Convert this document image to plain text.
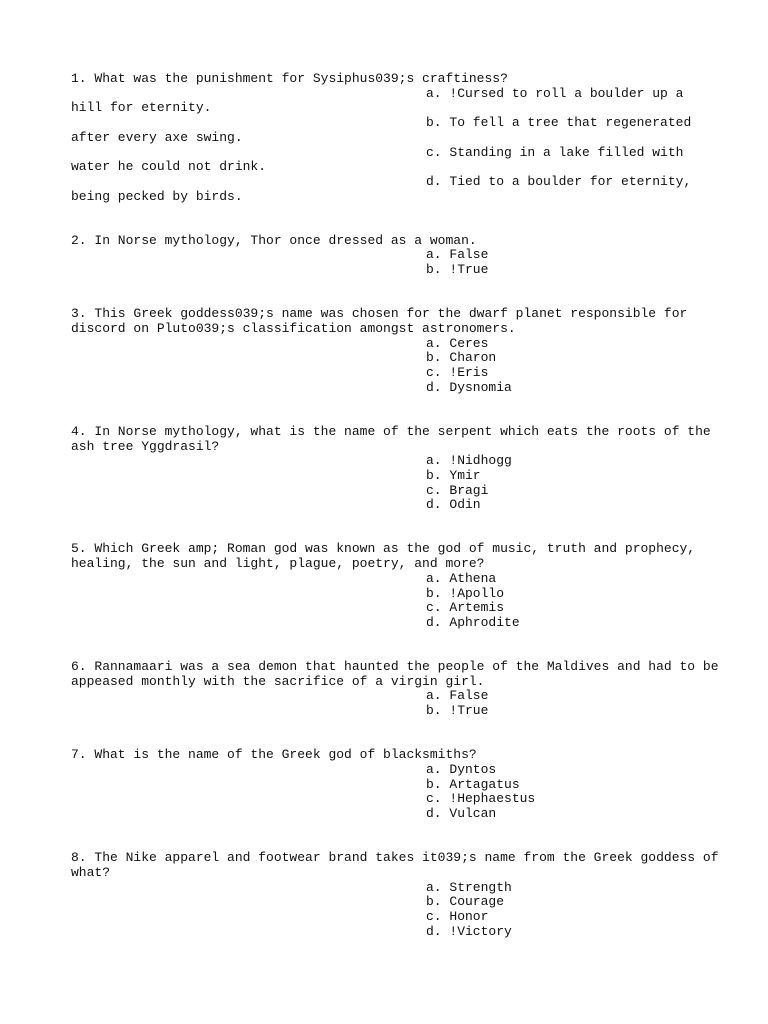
1. What was the punishment for Sysiphus039;s craftiness?
a. !Cursed to roll a boulder up a
hill for eternity.
b. To fell a tree that regenerated
after every axe swing.
c. Standing in a lake filled with
water he could not drink.
d. Tied to a boulder for eternity,
being pecked by birds.
2. In Norse mythology, Thor once dressed as a woman.
a. False
b. !True
3. This Greek goddess039;s name was chosen for the dwarf planet responsible for
discord on Pluto039;s classification amongst astronomers.
a. Ceres
b. Charon
c. !Eris
d. Dysnomia
4. In Norse mythology, what is the name of the serpent which eats the roots of the
ash tree Yggdrasil?
a. !Nidhogg
b. Ymir
c. Bragi
d. Odin
5. Which Greek amp; Roman god was known as the god of music, truth and prophecy,
healing, the sun and light, plague, poetry, and more?
a. Athena
b. !Apollo
c. Artemis
d. Aphrodite
6. Rannamaari was a sea demon that haunted the people of the Maldives and had to be
appeased monthly with the sacrifice of a virgin girl.
a. False
b. !True
7. What is the name of the Greek god of blacksmiths?
a. Dyntos
b. Artagatus
c. !Hephaestus
d. Vulcan
8. The Nike apparel and footwear brand takes it039;s name from the Greek goddess of
what?
a. Strength
b. Courage
c. Honor
d. !Victory
